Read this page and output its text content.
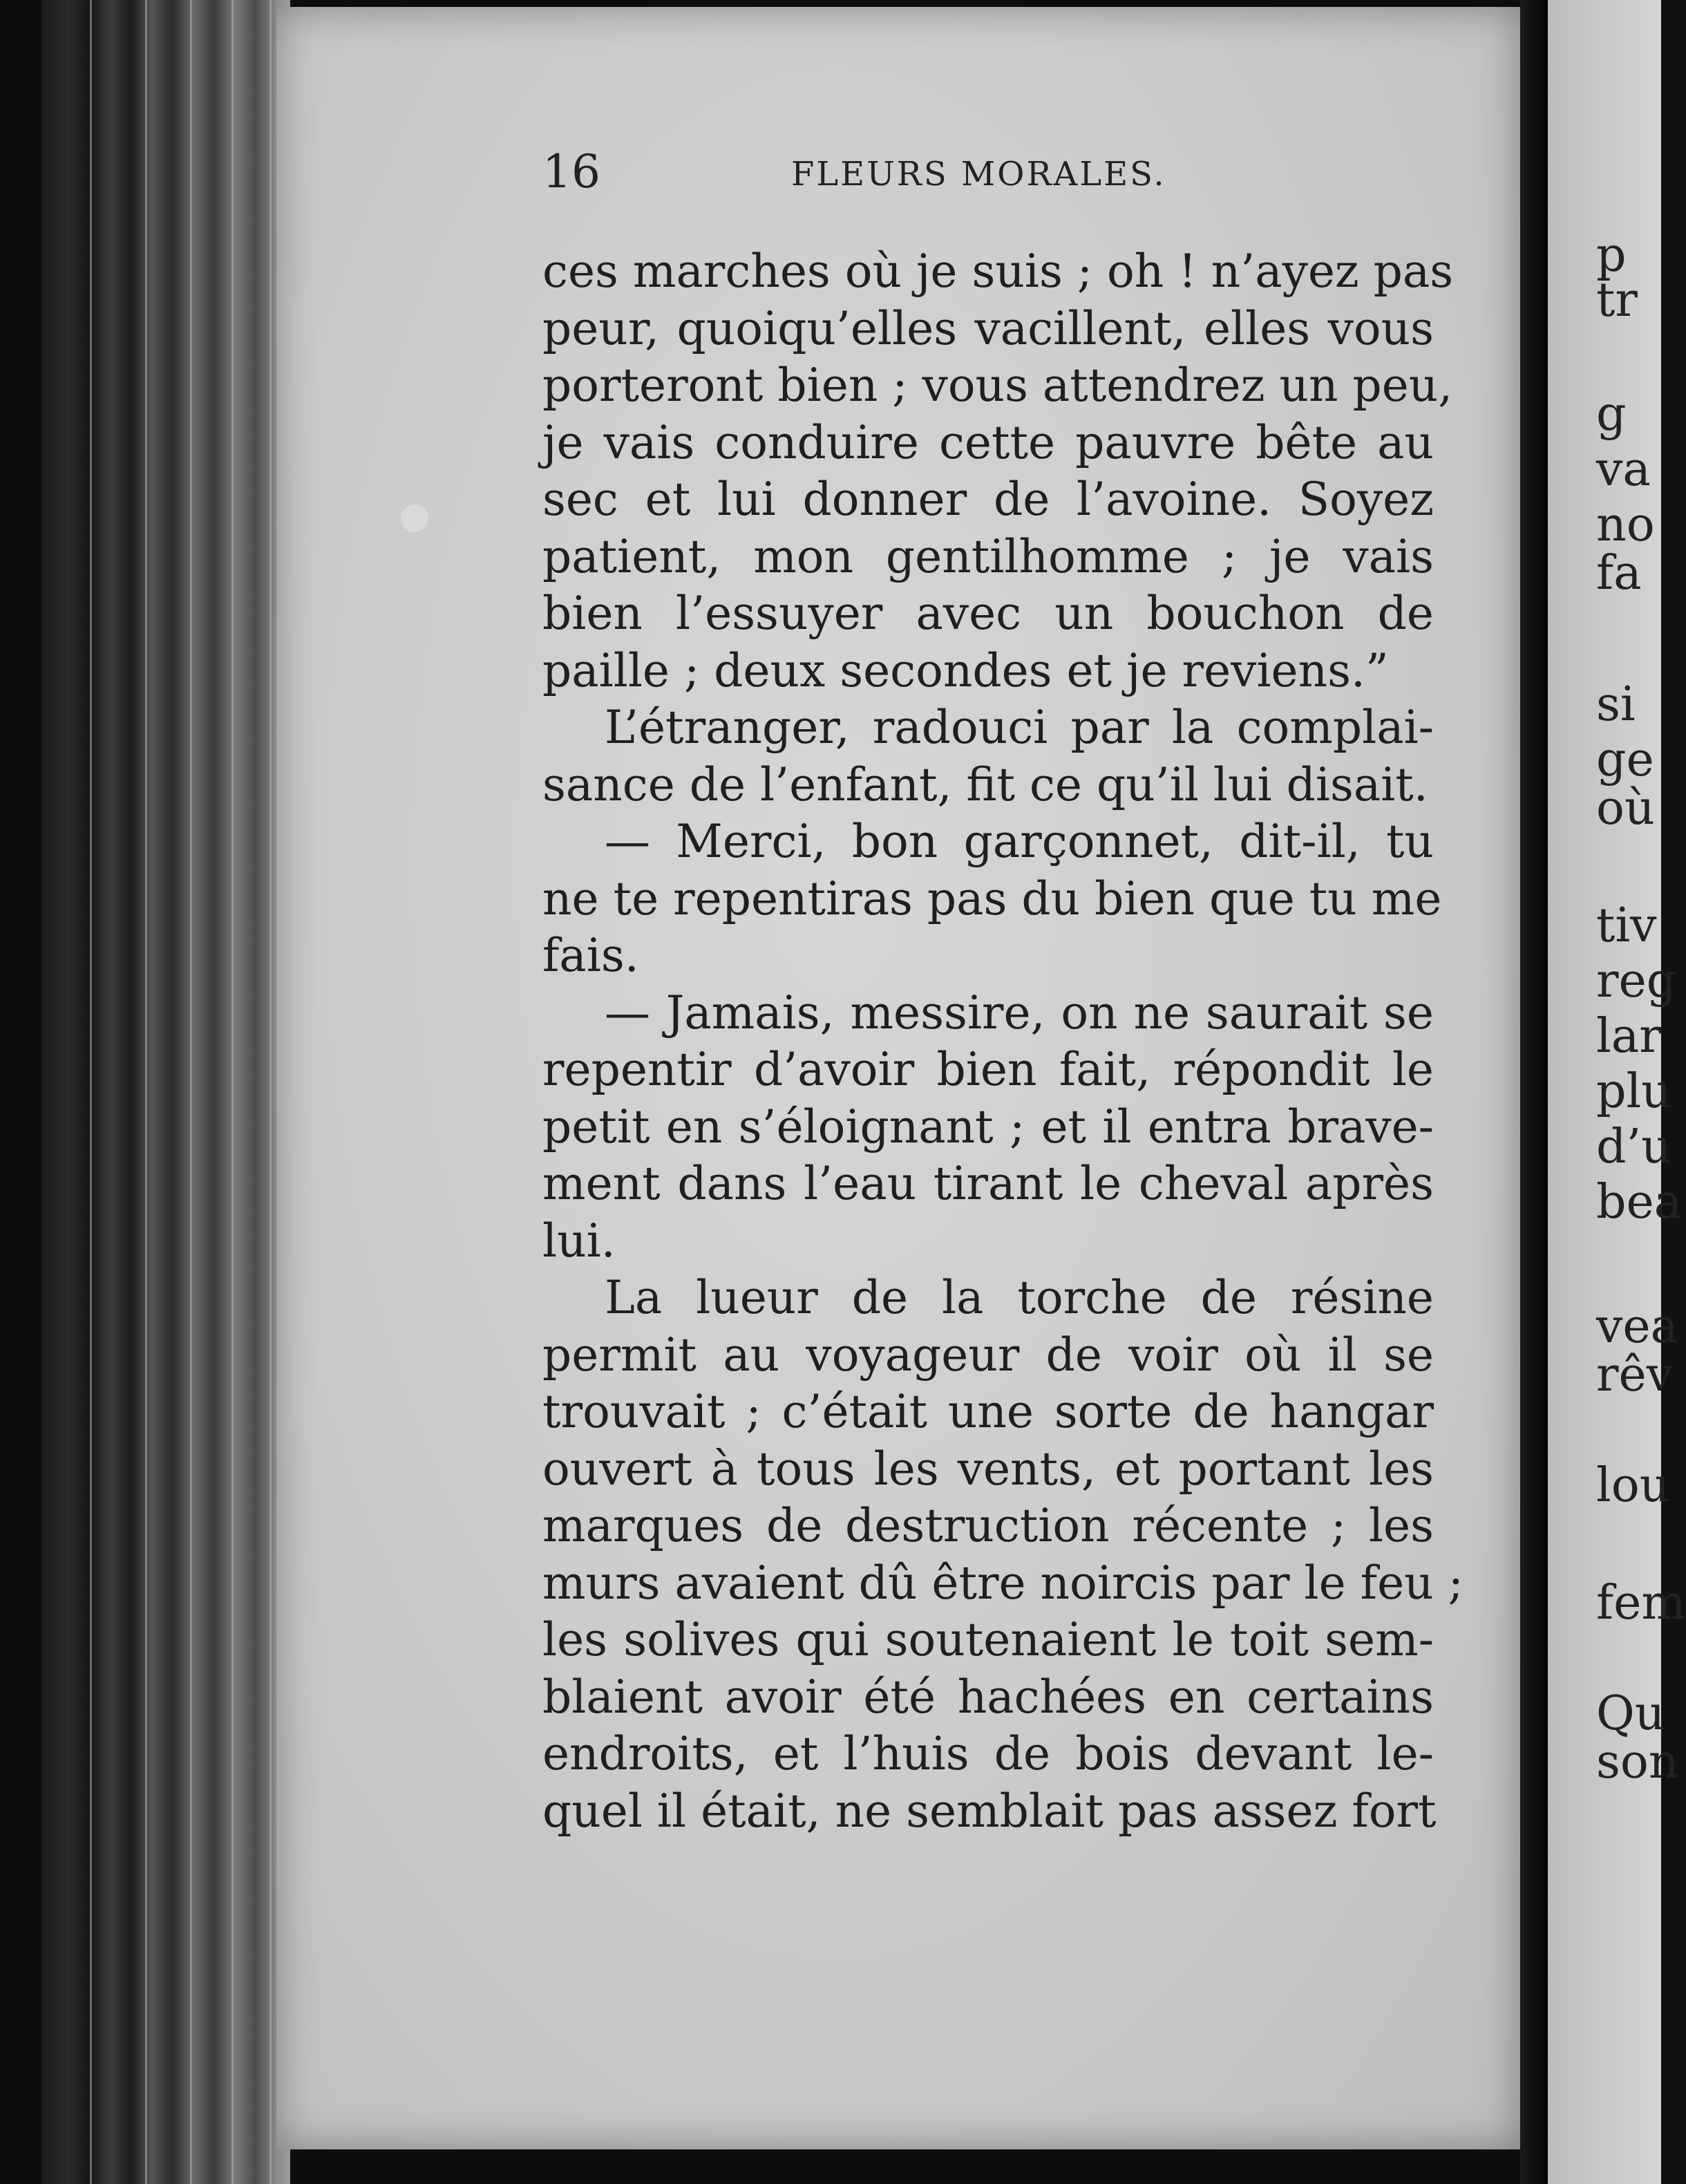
16	FLEURS MORALES.
ces marches où je suis ; oh ! n’ayez pas
peur, quoiqu’elles vacillent, elles vous
porteront bien ; vous attendrez un peu,
je vais conduire cette pauvre bête au
sec et lui donner de l’avoine. Soyez
patient, mon gentilhomme ; je vais
bien l’essuyer avec un bouchon de
paille ; deux secondes et je reviens.”
L’étranger, radouci par la complai-
sance de l’enfant, fit ce qu’il lui disait.
— Merci, bon garçonnet, dit-il, tu
ne te repentiras pas du bien que tu me
fais.
— Jamais, messire, on ne saurait se
repentir d’avoir bien fait, répondit le
petit en s’éloignant ; et il entra brave-
ment dans l’eau tirant le cheval après
lui.
La lueur de la torche de résine
permit au voyageur de voir où il se
trouvait ; c’était une sorte de hangar
ouvert à tous les vents, et portant les
marques de destruction récente ; les
murs avaient dû être noircis par le feu ;
les solives qui soutenaient le toit sem-
blaient avoir été hachées en certains
endroits, et l’huis de bois devant le-
quel il était, ne semblait pas assez fort
p
tr
g
va
no
fa
si
ge
où
tiv
reg
lar
plu
d’u
bea
vea
rêv
lou
fem
Qu
son
